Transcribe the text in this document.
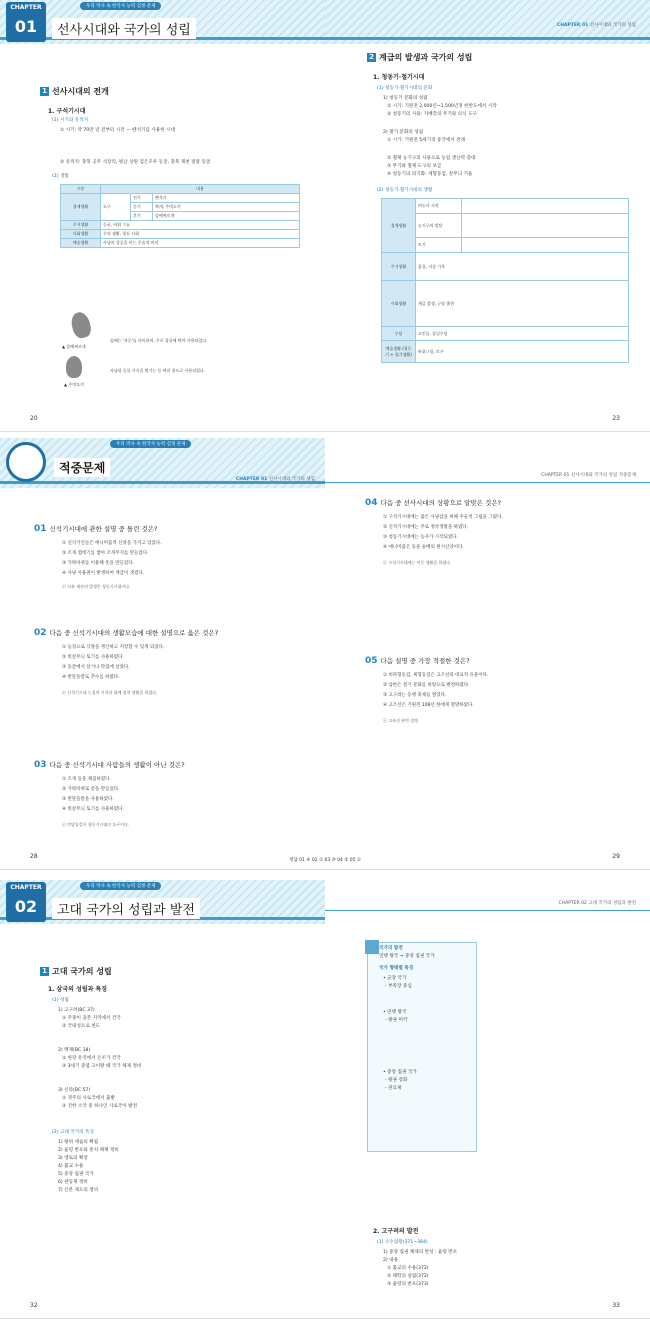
CHAPTER
01
우리 역사 속 한국사 능력 검정 문제
선사시대와 국가의 성립
1 선사시대의 전개
1. 구석기시대
(1) 시기와 유적지
① 시기: 약 70만 년 전부터 시작 — 뗀석기를 사용한 시대
② 유적지: 충북 공주 석장리, 평남 상원 검은모루 동굴, 충북 제천 점말 동굴
(2) 생활
구분	내용		
경제생활	도구	전기	뗀석기
		중기	찍개, 주먹도끼
		후기	슴베찌르개
주거생활	동굴, 바위 그늘		
사회생활	무리 생활, 평등 사회		
예술생활	사냥의 성공을 비는 주술적 의미		
▲ 슴베찌르개
▲ 주먹도끼
슴베는 '자루'를 의미하며, 주로 창끝에 박아 사용되었다.
사냥과 동물 가죽을 벗기는 등 여러 용도로 사용되었다.
20
CHAPTER 01 선사시대와 국가의 성립
2 계급의 발생과 국가의 성립
1. 청동기·철기시대
(1) 청동기·철기시대의 문화
1) 청동기 문화의 성립
① 시기: 기원전 2,000년~1,500년경 한반도에서 시작
② 청동기의 사용: 지배층의 무기와 의식 도구
2) 철기 문화의 성립
① 시기: 기원전 5세기경 중국에서 전래
② 철제 농기구의 사용으로 농업 생산력 증대
③ 무기와 철제 도구의 보급
④ 청동기의 의기화: 세형동검, 잔무늬 거울
(2) 청동기·철기시대의 생활
경제생활	벼농사 시작	
	농기구의 발달	
	토기	
주거생활	움집, 지상 가옥	
사회생활	계급 발생, 군장 출현	
무덤	고인돌, 돌널무덤	
예술생활 (청동기 + 철기생활)	바위그림, 토우	
23
적중문제
우리 역사 속 한국사 능력 검정 문제
CHAPTER 01 선사시대와 국가의 성립
01 신석기시대에 관한 설명 중 틀린 것은?
① 신석기인들은 애니미즘적 신앙을 가지고 있었다.
② 조개 껍데기를 쌓아 조개무지를 만들었다.
③ 가락바퀴를 이용해 옷을 만들었다.
④ 사냥 사용권이 발생하여 계급이 생겼다.
ⓔ 사유 재산의 발생은 청동기시대이다.
02 다음 중 신석기시대의 생활모습에 대한 설명으로 옳은 것은?
① 농경으로 식량을 생산하고 저장할 수 있게 되었다.
② 빗살무늬 토기를 사용하였다.
③ 동굴에서 살거나 막집에 살았다.
④ 반달돌칼로 추수를 하였다.
ⓔ 신석기시대 농경의 시작과 함께 정착 생활을 하였다.
03 다음 중 신석기시대 사람들의 생활이 아닌 것은?
① 조개 등을 채집하였다.
② 가락바퀴로 옷을 만들었다.
③ 반달돌칼을 사용하였다.
④ 빗살무늬 토기를 사용하였다.
ⓔ 반달돌칼은 청동기시대의 도구이다.
28
CHAPTER 01 선사시대와 국가의 성립 적중문제
04 다음 중 선사시대의 상황으로 알맞은 것은?
① 구석기시대에는 많은 사냥감을 위해 주술적 그림을 그렸다.
② 신석기시대에는 주로 정착생활을 하였다.
③ 청동기시대에는 농사가 시작되었다.
④ 애니미즘은 동물 숭배의 원시신앙이다.
ⓔ 구석기시대에는 이동 생활을 하였다.
05 다음 설명 중 가장 적절한 것은?
① 비파형동검, 세형동검은 고조선의 대표적 유물이다.
② 삼한은 철기 문화를 바탕으로 발전하였다.
③ 고구려는 동맹 축제를 열었다.
④ 고조선은 기원전 108년 한에게 멸망하였다.
ⓔ 고조선 관련 설명
29
정답 01 ④ 02 ① 03 ③ 04 ② 05 ①
CHAPTER
02
우리 역사 속 한국사 능력 검정 문제
고대 국가의 성립과 발전
1 고대 국가의 성립
1. 삼국의 성립과 특징
(1) 성립
1) 고구려(BC 37)
① 주몽이 졸본 지역에서 건국
② 국내성으로 천도
2) 백제(BC 18)
① 한강 유역에서 온조가 건국
② 3세기 중엽 고이왕 때 국가 체제 정비
3) 신라(BC 57)
① 경주의 사로국에서 출발
② 진한 소국 중 하나인 사로국이 발전
(2) 고대 국가의 특징
1) 왕위 세습의 확립
2) 율령 반포와 통치 체제 정비
3) 영토의 확장
4) 불교 수용
5) 중앙 집권 국가
6) 관등제 정비
7) 신분 제도의 정비
32
CHAPTER 02 고대 국가의 성립과 발전
국가의 발전
연맹 왕국 → 중앙 집권 국가
국가 형태별 특징
• 군장 국가
- 부족장 중심
• 연맹 왕국
- 왕권 미약
• 중앙 집권 국가
- 왕권 강화
- 관료제
2. 고구려의 발전
(1) 소수림왕(371~384)
1) 중앙 집권 체제의 완성 : 율령 반포
2) 내용
① 불교의 수용(372)
② 태학의 설립(372)
③ 율령의 반포(373)
33
